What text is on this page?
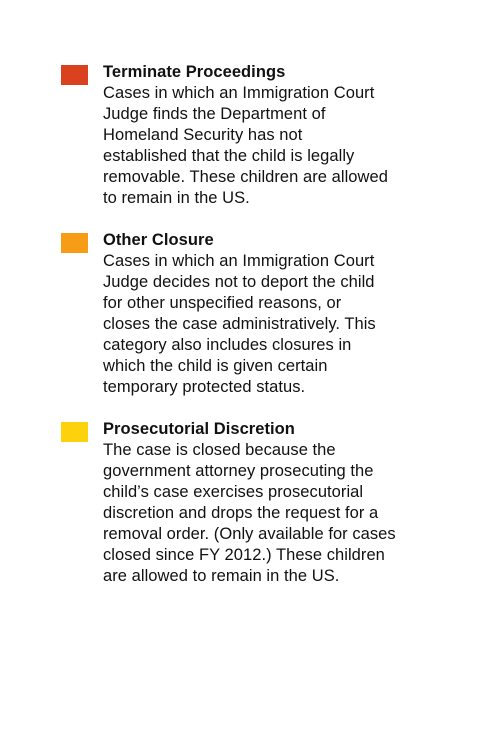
Terminate Proceedings

Cases in which an Immigration Court
Judge finds the Department of
Homeland Security has not
established that the child is legally
removable. These children are allowed
to remain in the US.

Other Closure

Cases in which an Immigration Court
Judge decides not to deport the child
for other unspecified reasons, or
closes the case administratively. This
category also includes closures in
which the child is given certain
temporary protected status.

Prosecutorial Discretion

The case is closed because the
government attorney prosecuting the
child’s case exercises prosecutorial
discretion and drops the request for a
removal order. (Only available for cases
closed since FY 2012.) These children
are allowed to remain in the US.
